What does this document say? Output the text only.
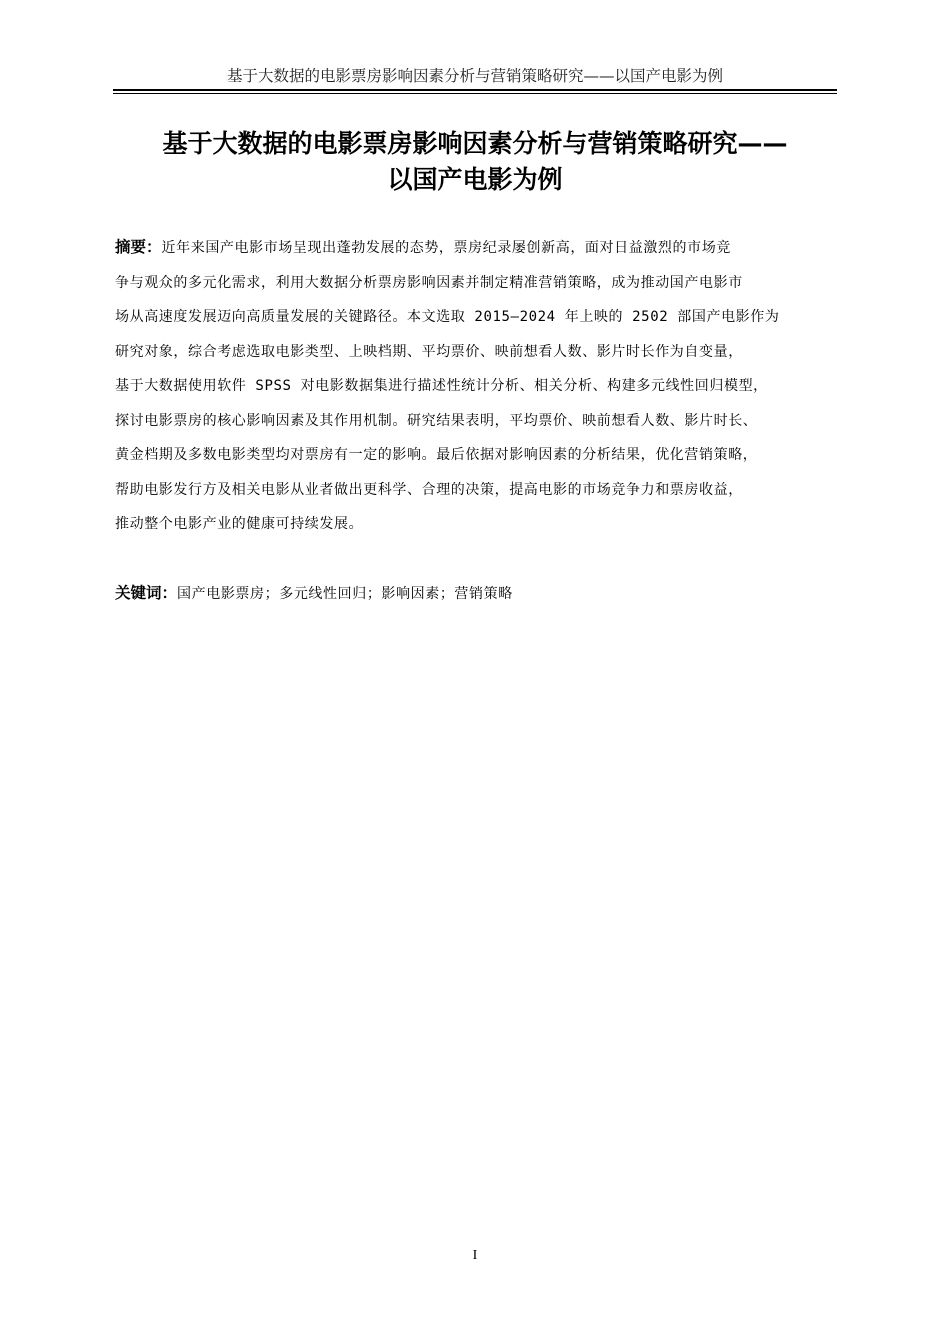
基于大数据的电影票房影响因素分析与营销策略研究——以国产电影为例
基于大数据的电影票房影响因素分析与营销策略研究——
以国产电影为例
摘要：近年来国产电影市场呈现出蓬勃发展的态势，票房纪录屡创新高，面对日益激烈的市场竞
争与观众的多元化需求，利用大数据分析票房影响因素并制定精准营销策略，成为推动国产电影市
场从高速度发展迈向高质量发展的关键路径。本文选取 2015—2024 年上映的 2502 部国产电影作为
研究对象，综合考虑选取电影类型、上映档期、平均票价、映前想看人数、影片时长作为自变量，
基于大数据使用软件 SPSS 对电影数据集进行描述性统计分析、相关分析、构建多元线性回归模型，
探讨电影票房的核心影响因素及其作用机制。研究结果表明，平均票价、映前想看人数、影片时长、
黄金档期及多数电影类型均对票房有一定的影响。最后依据对影响因素的分析结果，优化营销策略，
帮助电影发行方及相关电影从业者做出更科学、合理的决策，提高电影的市场竞争力和票房收益，
推动整个电影产业的健康可持续发展。
关键词：国产电影票房；多元线性回归；影响因素；营销策略
I
